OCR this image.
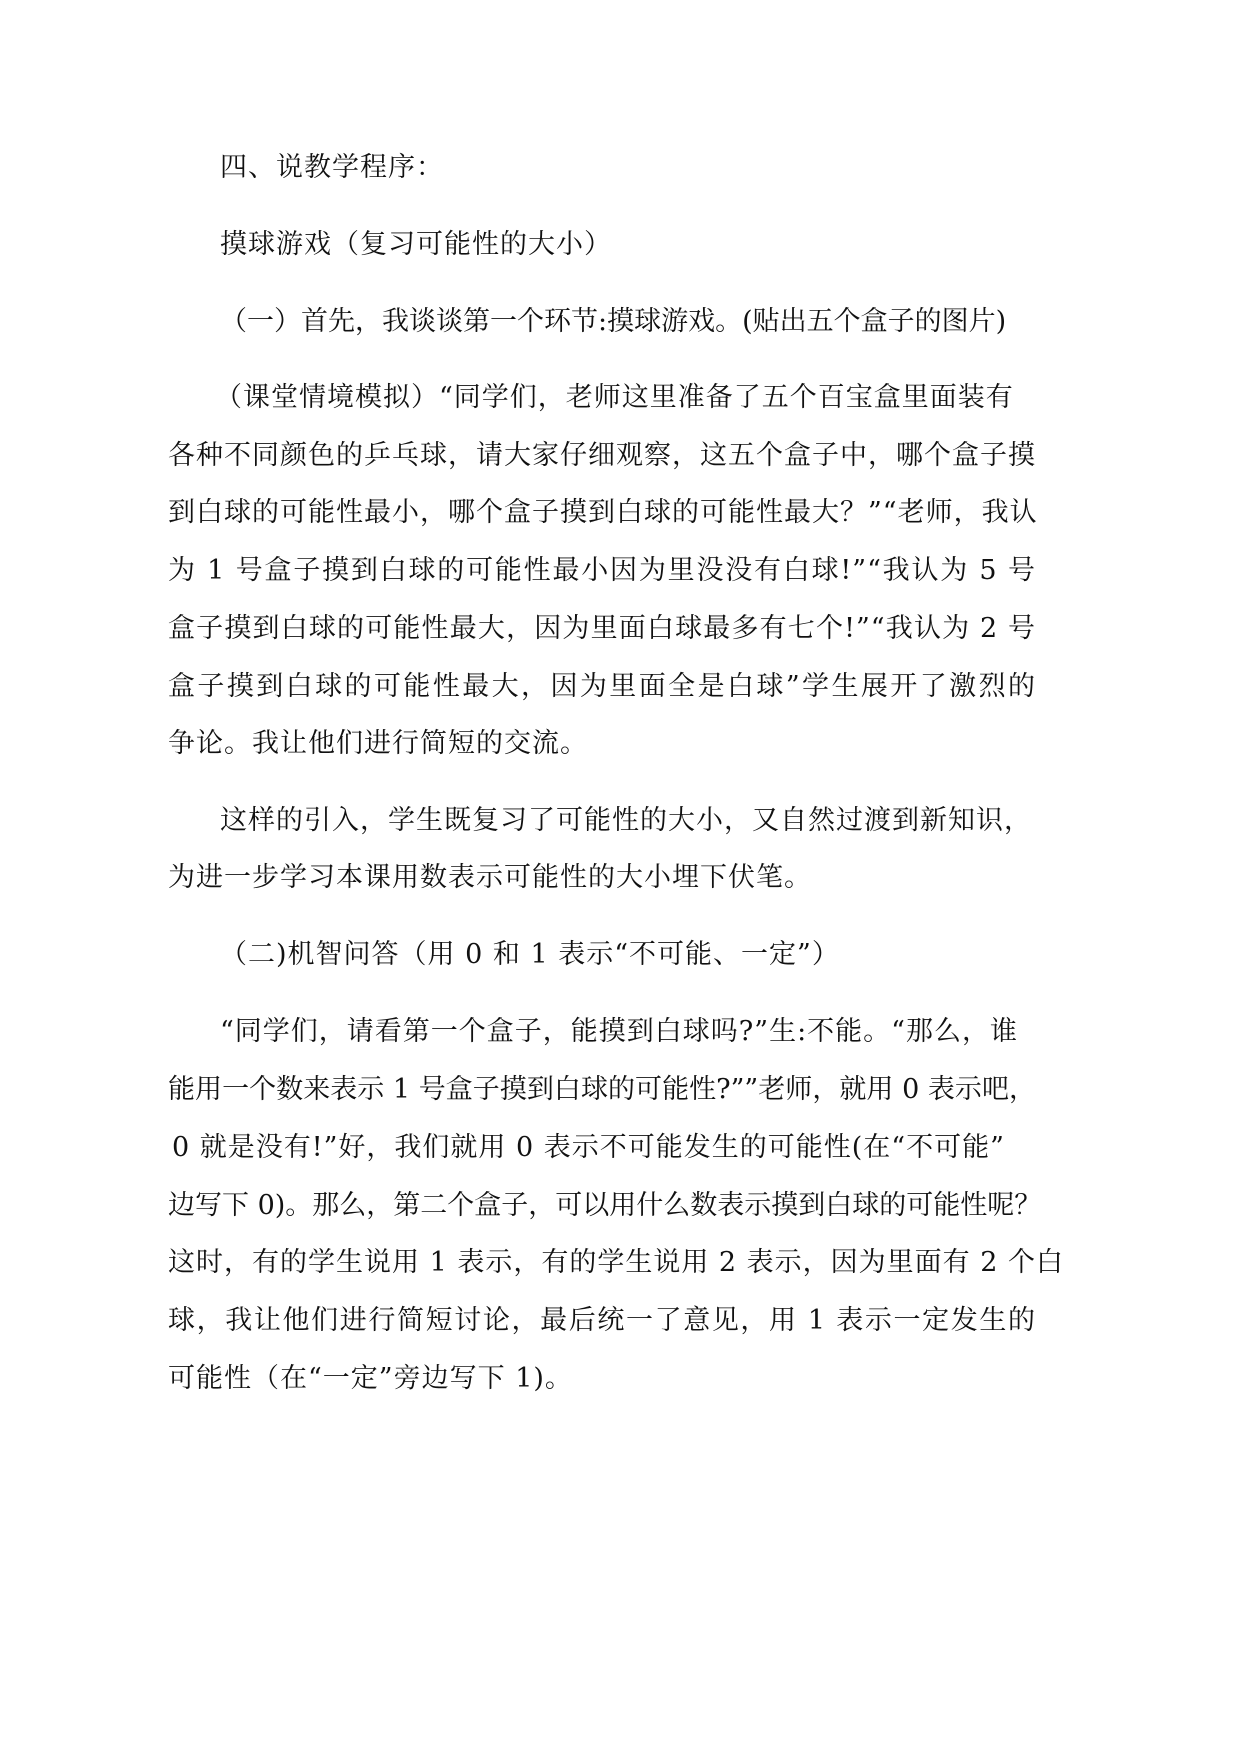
四、说教学程序：
摸球游戏（复习可能性的大小）
（一）首先，我谈谈第一个环节:摸球游戏。(贴出五个盒子的图片)
（课堂情境模拟）“同学们，老师这里准备了五个百宝盒里面装有
各种不同颜色的乒乓球，请大家仔细观察，这五个盒子中，哪个盒子摸
到白球的可能性最小，哪个盒子摸到白球的可能性最大？”“老师，我认
为 1 号盒子摸到白球的可能性最小因为里没没有白球!”“我认为 5 号
盒子摸到白球的可能性最大，因为里面白球最多有七个!”“我认为 2 号
盒子摸到白球的可能性最大，因为里面全是白球”学生展开了激烈的
争论。我让他们进行简短的交流。
这样的引入，学生既复习了可能性的大小，又自然过渡到新知识，
为进一步学习本课用数表示可能性的大小埋下伏笔。
（二)机智问答（用 0 和 1 表示“不可能、一定”）
“同学们，请看第一个盒子，能摸到白球吗?”生:不能。“那么，谁
能用一个数来表示 1 号盒子摸到白球的可能性?””老师，就用 0 表示吧，
0 就是没有!”好，我们就用 0 表示不可能发生的可能性(在“不可能”
边写下 0)。那么，第二个盒子，可以用什么数表示摸到白球的可能性呢？
这时，有的学生说用 1 表示，有的学生说用 2 表示，因为里面有 2 个白
球，我让他们进行简短讨论，最后统一了意见，用 1 表示一定发生的
可能性（在“一定”旁边写下 1)。
